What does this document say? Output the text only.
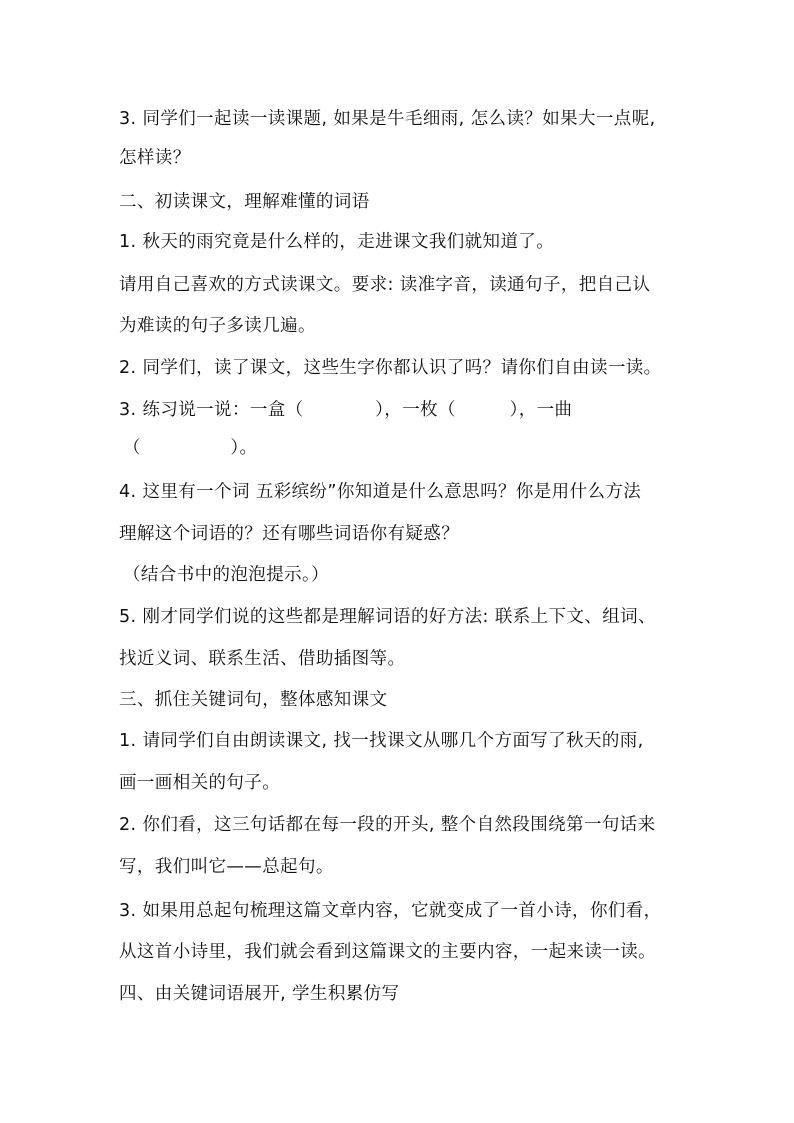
3. 同学们一起读一读课题, 如果是牛毛细雨, 怎么读？如果大一点呢,
怎样读？
二、初读课文，理解难懂的词语
1. 秋天的雨究竟是什么样的，走进课文我们就知道了。
请用自己喜欢的方式读课文。要求: 读准字音，读通句子，把自己认
为难读的句子多读几遍。
2. 同学们，读了课文，这些生字你都认识了吗？请你们自由读一读。
3. 练习说一说：一盒（　　　　），一枚（　　　），一曲
（　　　　　）。
4. 这里有一个词 五彩缤纷”你知道是什么意思吗？你是用什么方法
理解这个词语的？还有哪些词语你有疑惑？
（结合书中的泡泡提示。）
5. 刚才同学们说的这些都是理解词语的好方法: 联系上下文、组词、
找近义词、联系生活、借助插图等。
三、抓住关键词句，整体感知课文
1. 请同学们自由朗读课文, 找一找课文从哪几个方面写了秋天的雨,
画一画相关的句子。
2. 你们看，这三句话都在每一段的开头, 整个自然段围绕第一句话来
写，我们叫它——总起句。
3. 如果用总起句梳理这篇文章内容，它就变成了一首小诗，你们看，
从这首小诗里，我们就会看到这篇课文的主要内容，一起来读一读。
四、由关键词语展开, 学生积累仿写
